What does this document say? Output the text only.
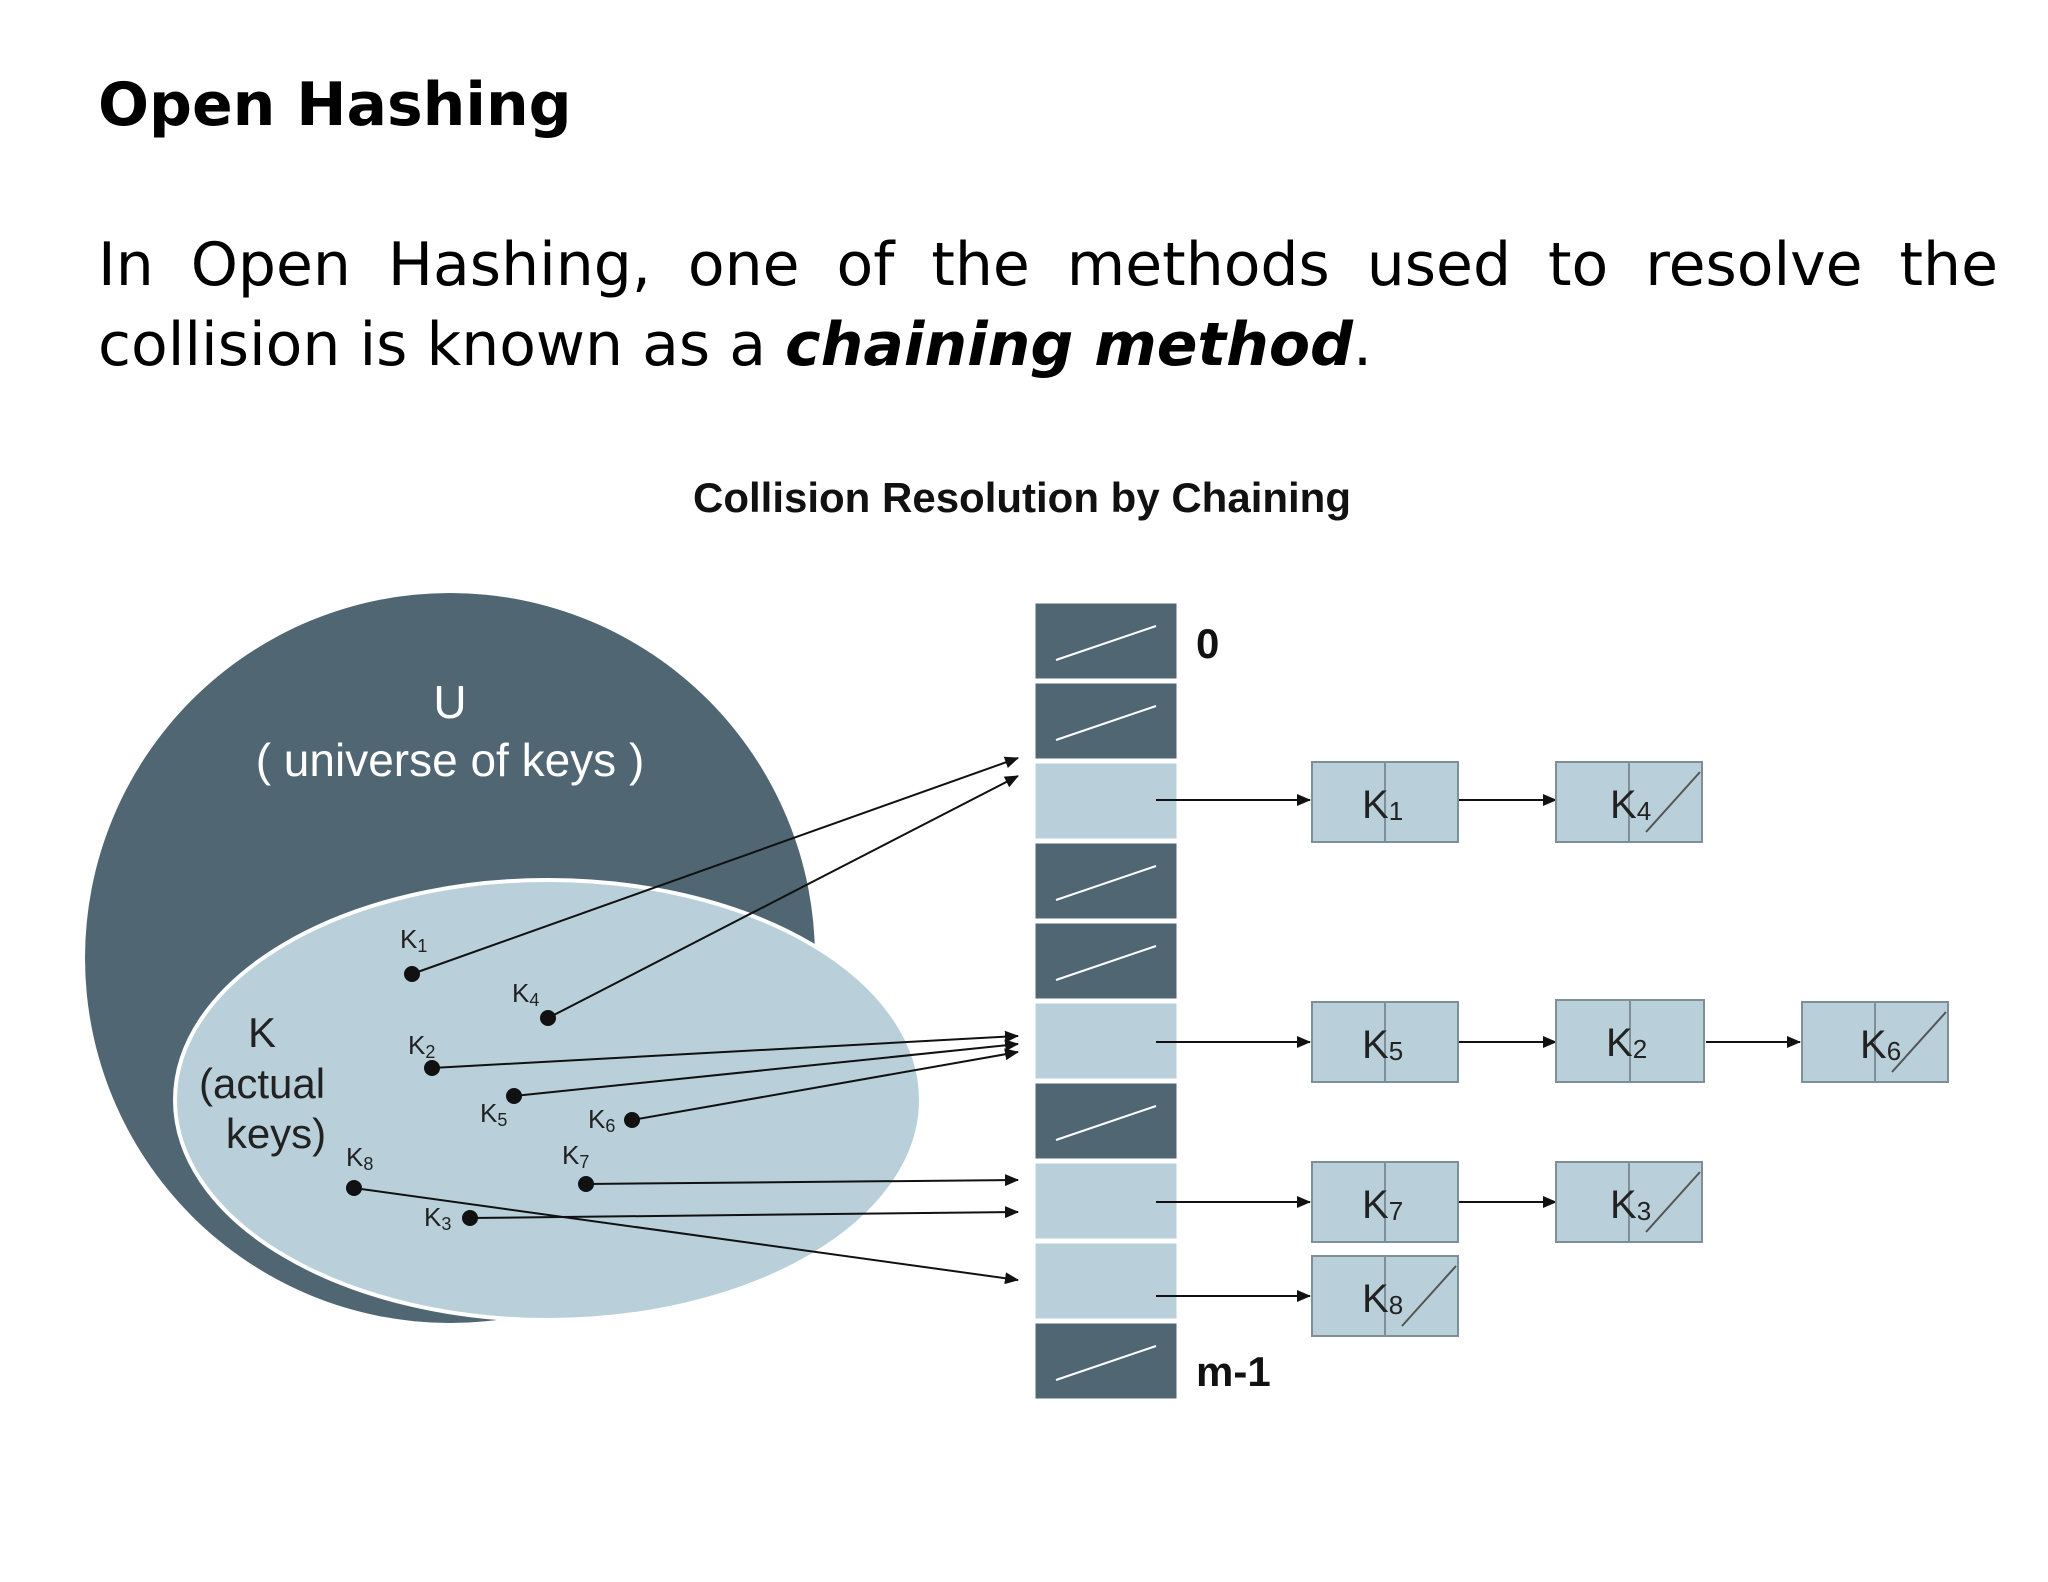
Open Hashing

In Open Hashing, one of the methods used to resolve the collision is known as a chaining method.

Collision Resolution by Chaining
U
( universe of keys )
K
(actual
keys)
K1
K4
K2
K5	K6
K8	K7
K3
0
m-1
K1	K4
K5	K2	K6
K7	K3
K8
